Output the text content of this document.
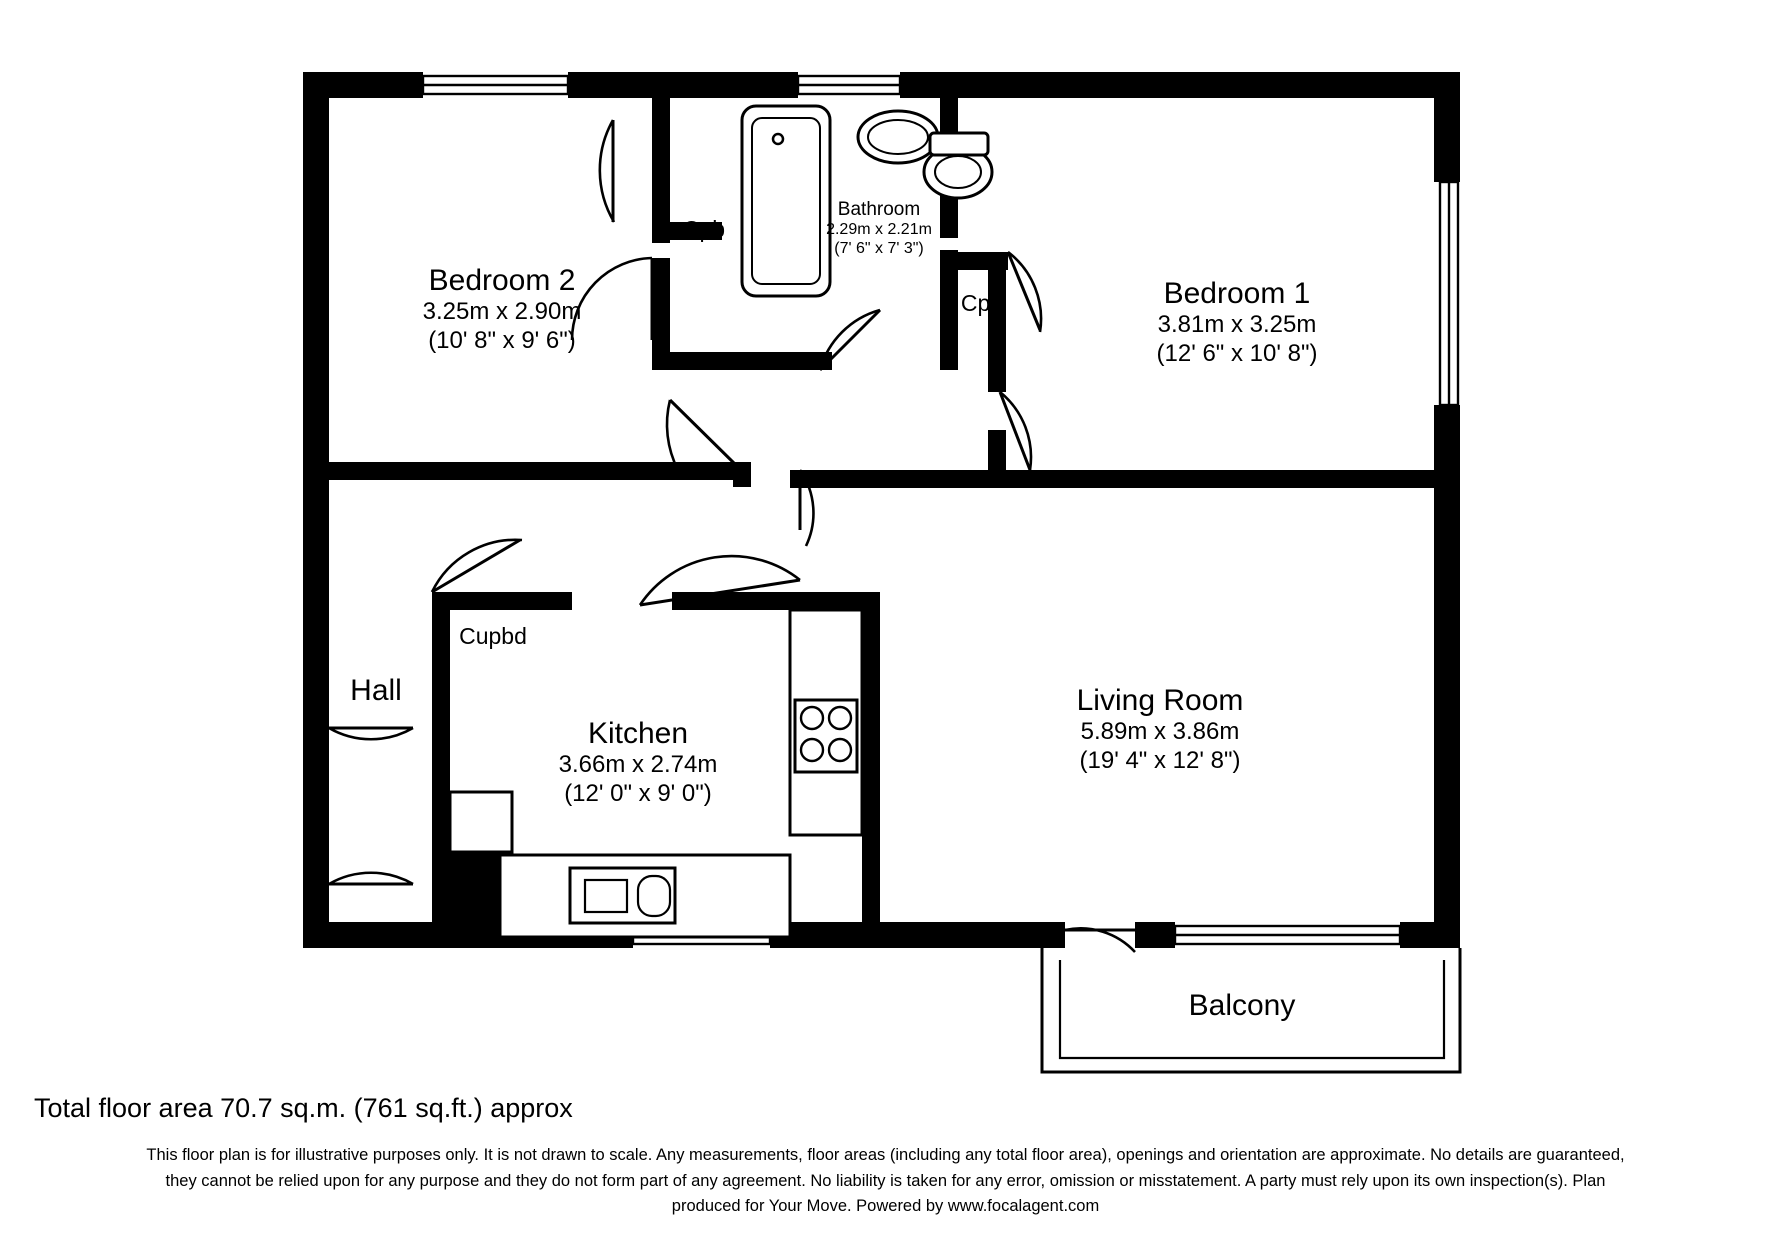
Bedroom 2
3.25m x 2.90m
(10' 8" x 9' 6")
Bedroom 1
3.81m x 3.25m
(12' 6" x 10' 8")
Bathroom
2.29m x 2.21m
(7' 6" x 7' 3")
Kitchen
3.66m x 2.74m
(12' 0" x 9' 0")
Living Room
5.89m x 3.86m
(19' 4" x 12' 8")
Hall
Balcony
Cpb
Cpb
Cupbd
Total floor area 70.7 sq.m. (761 sq.ft.) approx
This floor plan is for illustrative purposes only. It is not drawn to scale. Any measurements, floor areas (including any total floor area), openings and orientation are approximate. No details are guaranteed,
they cannot be relied upon for any purpose and they do not form part of any agreement. No liability is taken for any error, omission or misstatement. A party must rely upon its own inspection(s). Plan
produced for Your Move. Powered by www.focalagent.com
